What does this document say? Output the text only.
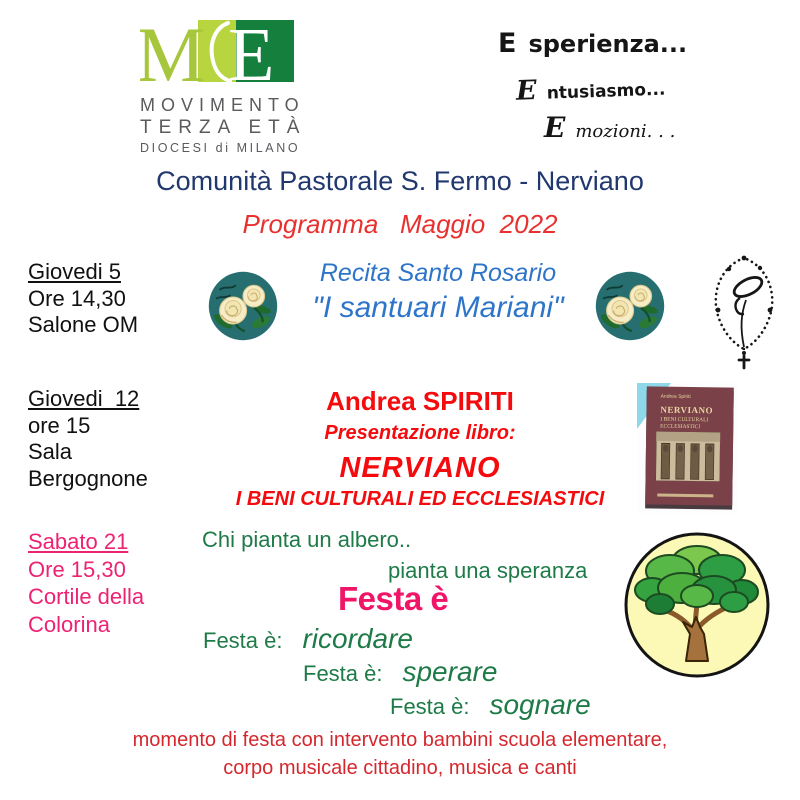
M E
MOVIMENTO
TERZA ETÀ
DIOCESI di MILANO
E sperienza...
E ntusiasmo...
E mozioni. . .
Comunità Pastorale S. Fermo - Nerviano
Programma   Maggio  2022
Giovedi 5
Ore 14,30
Salone OM
Recita Santo Rosario
"I santuari Mariani"
Giovedi  12
ore 15
Sala
Bergognone
Andrea SPIRITI
Presentazione libro:
NERVIANO
I BENI CULTURALI ED ECCLESIASTICI
Andrea Spiriti
NERVIANO
I BENI CULTURALI
ECCLESIASTICI
Sabato 21
Ore 15,30
Cortile della
Colorina
Chi pianta un albero..
pianta una speranza
Festa è
Festa è: ricordare
Festa è: sperare
Festa è: sognare
momento di festa con intervento bambini scuola elementare,
corpo musicale cittadino, musica e canti
